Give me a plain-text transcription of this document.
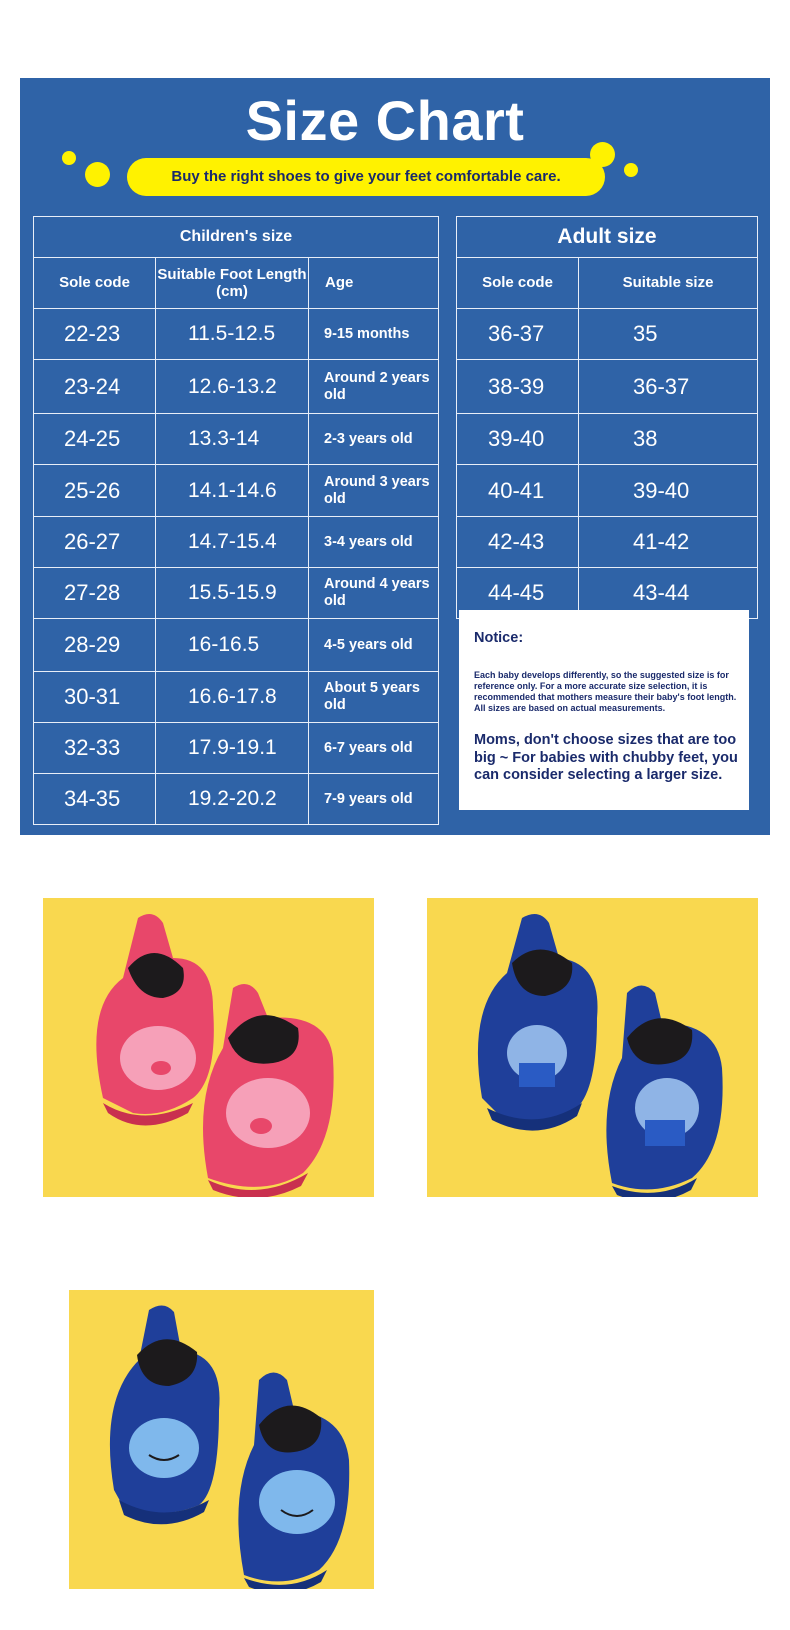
Size Chart
Buy the right shoes to give your feet comfortable care.
Children's size		
Sole code	Suitable Foot Length (cm)	Age
22-23	11.5-12.5	9-15 months
23-24	12.6-13.2	Around 2 years old
24-25	13.3-14	2-3 years old
25-26	14.1-14.6	Around 3 years old
26-27	14.7-15.4	3-4 years old
27-28	15.5-15.9	Around 4 years old
28-29	16-16.5	4-5 years old
30-31	16.6-17.8	About 5 years old
32-33	17.9-19.1	6-7 years old
34-35	19.2-20.2	7-9 years old
Adult size	
Sole code	Suitable size
36-37	35
38-39	36-37
39-40	38
40-41	39-40
42-43	41-42
44-45	43-44
Notice:
Each baby develops differently, so the suggested size is for reference only. For a more accurate size selection, it is recommended that mothers measure their baby's foot length. All sizes are based on actual measurements.
Moms, don't choose sizes that are too big ~ For babies with chubby feet, you can consider selecting a larger size.
